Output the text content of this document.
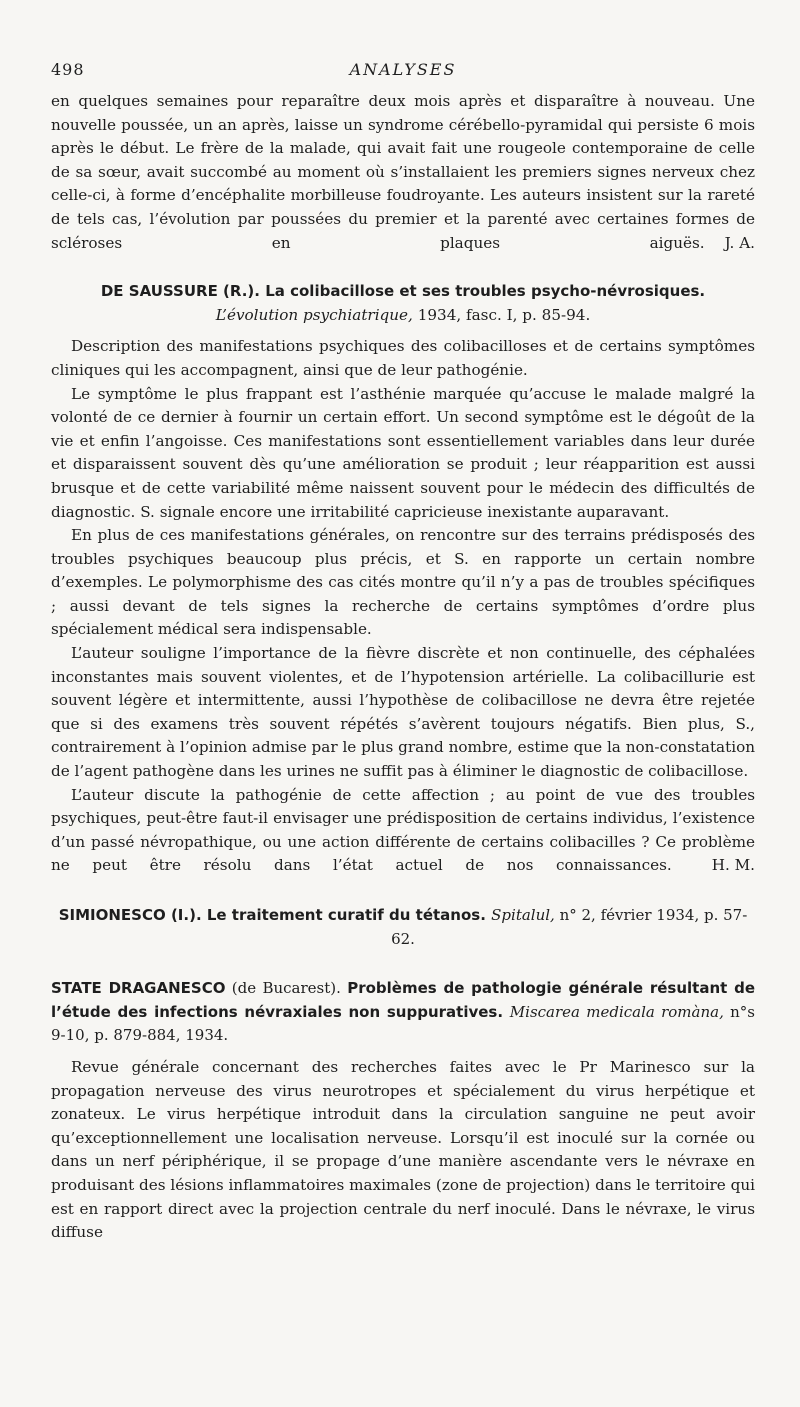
498	ANALYSES

en quelques semaines pour reparaître deux mois après et disparaître à nouveau. Une nouvelle poussée, un an après, laisse un syndrome cérébello-pyramidal qui persiste 6 mois après le début. Le frère de la malade, qui avait fait une rougeole contemporaine de celle de sa sœur, avait succombé au moment où s’installaient les premiers signes nerveux chez celle-ci, à forme d’encéphalite morbilleuse foudroyante. Les auteurs insistent sur la rareté de tels cas, l’évolution par poussées du premier et la parenté avec certaines formes de scléroses en plaques aiguës. J. A.

DE SAUSSURE (R.). La colibacillose et ses troubles psycho-névrosiques.
L’évolution psychiatrique, 1934, fasc. I, p. 85-94.

Description des manifestations psychiques des colibacilloses et de certains symptômes cliniques qui les accompagnent, ainsi que de leur pathogénie.

Le symptôme le plus frappant est l’asthénie marquée qu’accuse le malade malgré la volonté de ce dernier à fournir un certain effort. Un second symptôme est le dégoût de la vie et enfin l’angoisse. Ces manifestations sont essentiellement variables dans leur durée et disparaissent souvent dès qu’une amélioration se produit ; leur réapparition est aussi brusque et de cette variabilité même naissent souvent pour le médecin des difficultés de diagnostic. S. signale encore une irritabilité capricieuse inexistante auparavant.

En plus de ces manifestations générales, on rencontre sur des terrains prédisposés des troubles psychiques beaucoup plus précis, et S. en rapporte un certain nombre d’exemples. Le polymorphisme des cas cités montre qu’il n’y a pas de troubles spécifiques ; aussi devant de tels signes la recherche de certains symptômes d’ordre plus spécialement médical sera indispensable.

L’auteur souligne l’importance de la fièvre discrète et non continuelle, des céphalées inconstantes mais souvent violentes, et de l’hypotension artérielle. La colibacillurie est souvent légère et intermittente, aussi l’hypothèse de colibacillose ne devra être rejetée que si des examens très souvent répétés s’avèrent toujours négatifs. Bien plus, S., contrairement à l’opinion admise par le plus grand nombre, estime que la non-constatation de l’agent pathogène dans les urines ne suffit pas à éliminer le diagnostic de colibacillose.

L’auteur discute la pathogénie de cette affection ; au point de vue des troubles psychiques, peut-être faut-il envisager une prédisposition de certains individus, l’existence d’un passé névropathique, ou une action différente de certains colibacilles ? Ce problème ne peut être résolu dans l’état actuel de nos connaissances.	H. M.

SIMIONESCO (I.). Le traitement curatif du tétanos. Spitalul, n° 2, février 1934, p. 57-62.
STATE DRAGANESCO (de Bucarest). Problèmes de pathologie générale résultant de l’étude des infections névraxiales non suppuratives. Miscarea medicala romàna, n°s 9-10, p. 879-884, 1934.

Revue générale concernant des recherches faites avec le Pr Marinesco sur la propagation nerveuse des virus neurotropes et spécialement du virus herpétique et zonateux. Le virus herpétique introduit dans la circulation sanguine ne peut avoir qu’exceptionnellement une localisation nerveuse. Lorsqu’il est inoculé sur la cornée ou dans un nerf périphérique, il se propage d’une manière ascendante vers le névraxe en produisant des lésions inflammatoires maximales (zone de projection) dans le territoire qui est en rapport direct avec la projection centrale du nerf inoculé. Dans le névraxe, le virus diffuse
